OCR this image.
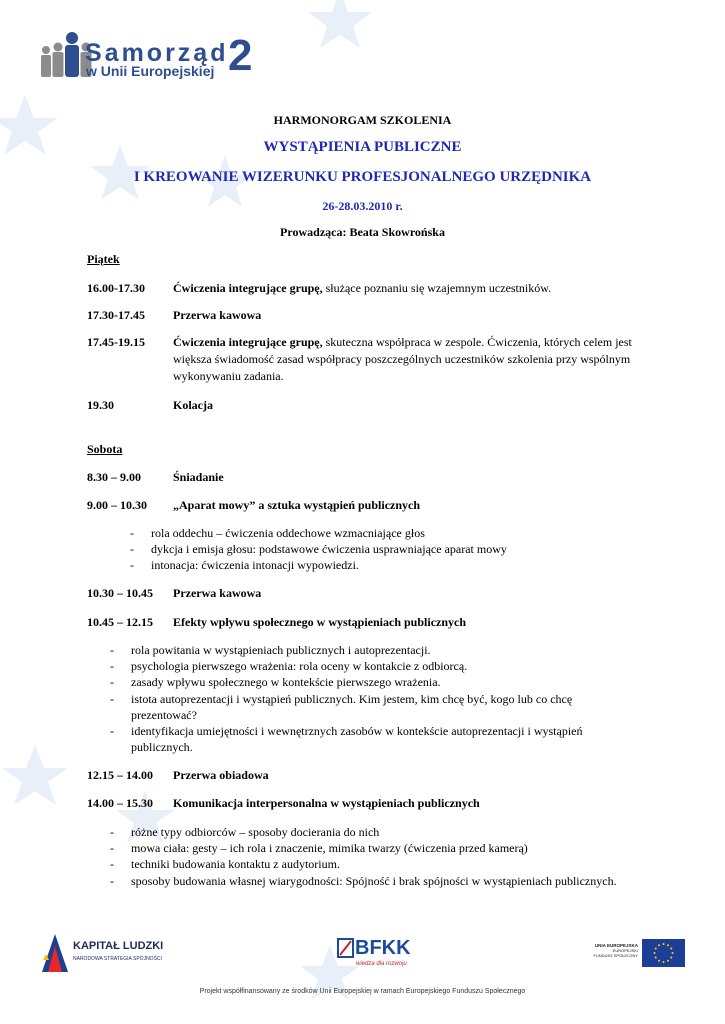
Samorząd
w Unii Europejskiej 2
HARMONORGAM SZKOLENIA
WYSTĄPIENIA PUBLICZNE
I KREOWANIE WIZERUNKU PROFESJONALNEGO URZĘDNIKA
26-28.03.2010 r.
Prowadząca: Beata Skowrońska
Piątek
16.00-17.30 Ćwiczenia integrujące grupę, służące poznaniu się wzajemnym uczestników.
17.30-17.45 Przerwa kawowa
17.45-19.15 Ćwiczenia integrujące grupę, skuteczna współpraca w zespole. Ćwiczenia, których celem jest większa świadomość zasad współpracy poszczególnych uczestników szkolenia przy wspólnym wykonywaniu zadania.
19.30	Kolacja
Sobota
8.30 – 9.00	Śniadanie
9.00 – 10.30 „Aparat mowy” a sztuka wystąpień publicznych
- rola oddechu – ćwiczenia oddechowe wzmacniające głos
- dykcja i emisja głosu: podstawowe ćwiczenia usprawniające aparat mowy
- intonacja: ćwiczenia intonacji wypowiedzi.
10.30 – 10.45 Przerwa kawowa
10.45 – 12.15 Efekty wpływu społecznego w wystąpieniach publicznych
- rola powitania w wystąpieniach publicznych i autoprezentacji.
- psychologia pierwszego wrażenia: rola oceny w kontakcie z odbiorcą.
- zasady wpływu społecznego w kontekście pierwszego wrażenia.
- istota autoprezentacji i wystąpień publicznych. Kim jestem, kim chcę być, kogo lub co chcę prezentować?
- identyfikacja umiejętności i wewnętrznych zasobów w kontekście autoprezentacji i wystąpień publicznych.
12.15 – 14.00 Przerwa obiadowa
14.00 – 15.30 Komunikacja interpersonalna w wystąpieniach publicznych
- różne typy odbiorców – sposoby docierania do nich
- mowa ciała: gesty – ich rola i znaczenie, mimika twarzy (ćwiczenia przed kamerą)
- techniki budowania kontaktu z audytorium.
- sposoby budowania własnej wiarygodności: Spójność i brak spójności w wystąpieniach publicznych.
KAPITAŁ LUDZKI
NARODOWA STRATEGIA SPÓJNOŚCI	BFKK
wiedza dla rozwoju
UNIA EUROPEJSKA
EUROPEJSKI
FUNDUSZ SPOŁECZNY
Projekt współfinansowany ze środków Unii Europejskiej w ramach Europejskiego Funduszu Społecznego
